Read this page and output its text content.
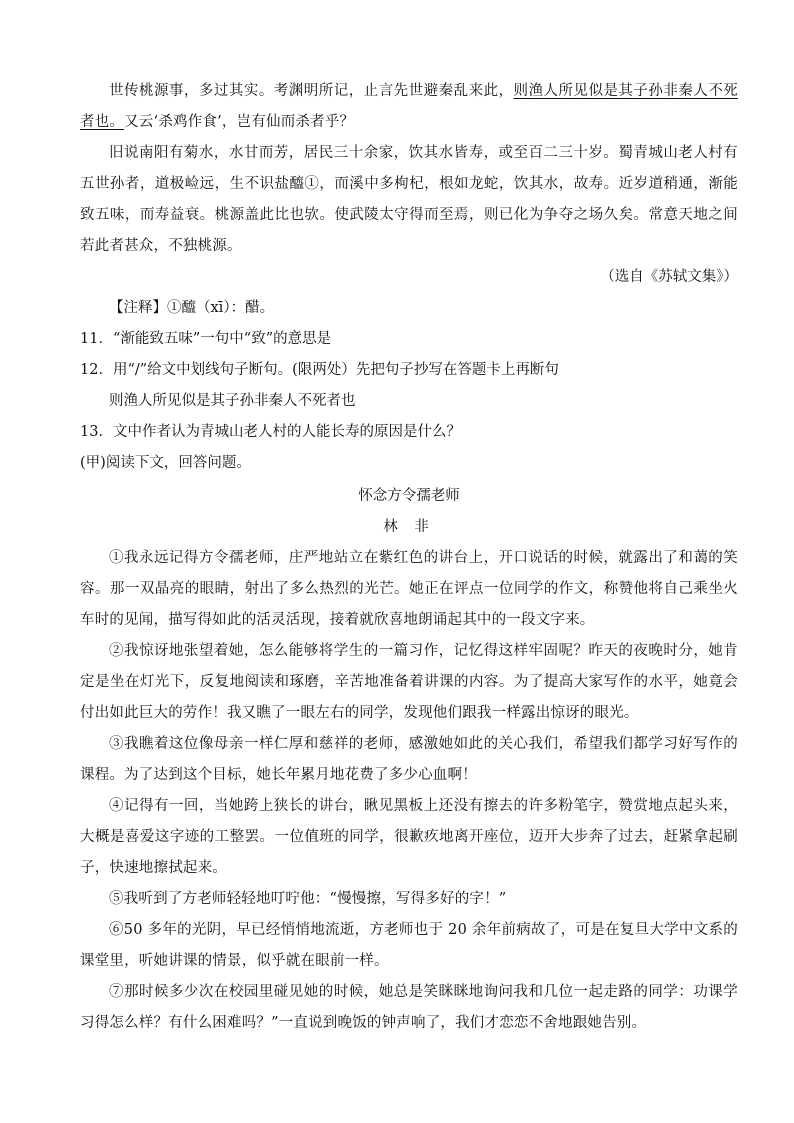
世传桃源事，多过其实。考渊明所记，止言先世避秦乱来此，则渔人所见似是其子孙非秦人不死者也。又云‘杀鸡作食’，岂有仙而杀者乎？

旧说南阳有菊水，水甘而芳，居民三十余家，饮其水皆寿，或至百二三十岁。蜀青城山老人村有五世孙者，道极崄远，生不识盐醯①，而溪中多枸杞，根如龙蛇，饮其水，故寿。近岁道稍通，渐能致五味，而寿益衰。桃源盖此比也欤。使武陵太守得而至焉，则已化为争夺之场久矣。常意天地之间若此者甚众，不独桃源。

（选自《苏轼文集》）

【注释】①醯（xī）：醋。

11．“渐能致五味”一句中“致”的意思是

12．用“/”给文中划线句子断句。(限两处）先把句子抄写在答题卡上再断句

则渔人所见似是其子孙非秦人不死者也

13．文中作者认为青城山老人村的人能长寿的原因是什么？

(甲)阅读下文，回答问题。

怀念方令孺老师

林 非

①我永远记得方令孺老师，庄严地站立在紫红色的讲台上，开口说话的时候，就露出了和蔼的笑容。那一双晶亮的眼睛，射出了多么热烈的光芒。她正在评点一位同学的作文，称赞他将自己乘坐火车时的见闻，描写得如此的活灵活现，接着就欣喜地朗诵起其中的一段文字来。

②我惊讶地张望着她，怎么能够将学生的一篇习作，记忆得这样牢固呢？昨天的夜晚时分，她肯定是坐在灯光下，反复地阅读和琢磨，辛苦地准备着讲课的内容。为了提高大家写作的水平，她竟会付出如此巨大的劳作！我又瞧了一眼左右的同学，发现他们跟我一样露出惊讶的眼光。

③我瞧着这位像母亲一样仁厚和慈祥的老师，感激她如此的关心我们，希望我们都学习好写作的课程。为了达到这个目标，她长年累月地花费了多少心血啊！

④记得有一回，当她跨上狭长的讲台，瞅见黑板上还没有擦去的许多粉笔字，赞赏地点起头来，大概是喜爱这字迹的工整罢。一位值班的同学，很歉疚地离开座位，迈开大步奔了过去，赶紧拿起刷子，快速地擦拭起来。

⑤我听到了方老师轻轻地叮咛他：“慢慢擦，写得多好的字！”

⑥50 多年的光阴，早已经悄悄地流逝，方老师也于 20 余年前病故了，可是在复旦大学中文系的课堂里，听她讲课的情景，似乎就在眼前一样。

⑦那时候多少次在校园里碰见她的时候，她总是笑眯眯地询问我和几位一起走路的同学：功课学习得怎么样？有什么困难吗？”一直说到晚饭的钟声响了，我们才恋恋不舍地跟她告别。
